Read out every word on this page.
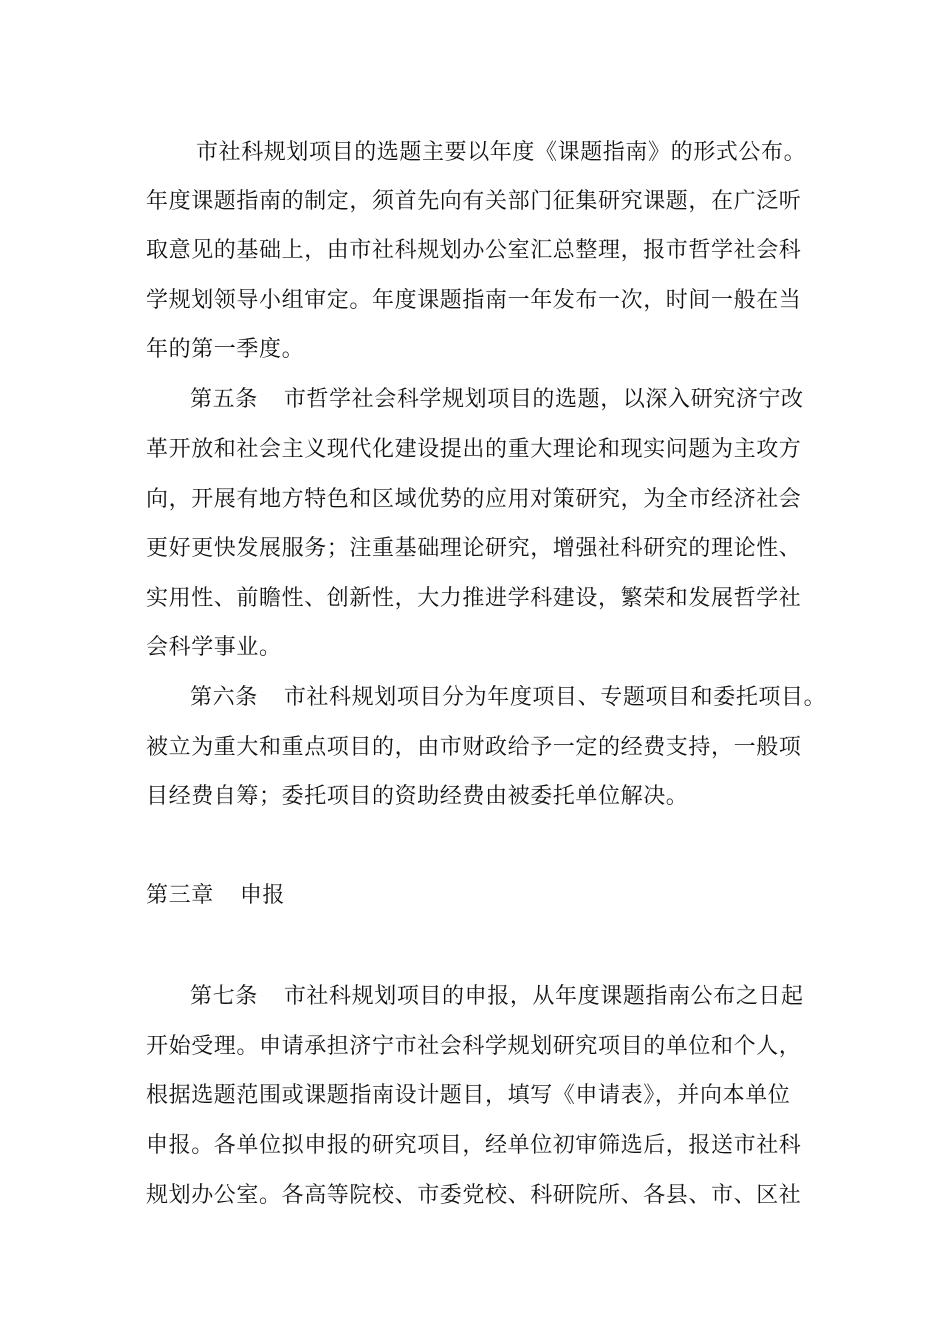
市社科规划项目的选题主要以年度《课题指南》的形式公布。
年度课题指南的制定，须首先向有关部门征集研究课题，在广泛听
取意见的基础上，由市社科规划办公室汇总整理，报市哲学社会科
学规划领导小组审定。年度课题指南一年发布一次，时间一般在当
年的第一季度。
第五条 市哲学社会科学规划项目的选题，以深入研究济宁改
革开放和社会主义现代化建设提出的重大理论和现实问题为主攻方
向，开展有地方特色和区域优势的应用对策研究，为全市经济社会
更好更快发展服务；注重基础理论研究，增强社科研究的理论性、
实用性、前瞻性、创新性，大力推进学科建设，繁荣和发展哲学社
会科学事业。
第六条 市社科规划项目分为年度项目、专题项目和委托项目。
被立为重大和重点项目的，由市财政给予一定的经费支持，一般项
目经费自筹；委托项目的资助经费由被委托单位解决。
第三章 申报
第七条 市社科规划项目的申报，从年度课题指南公布之日起
开始受理。申请承担济宁市社会科学规划研究项目的单位和个人，
根据选题范围或课题指南设计题目，填写《申请表》，并向本单位
申报。各单位拟申报的研究项目，经单位初审筛选后，报送市社科
规划办公室。各高等院校、市委党校、科研院所、各县、市、区社
